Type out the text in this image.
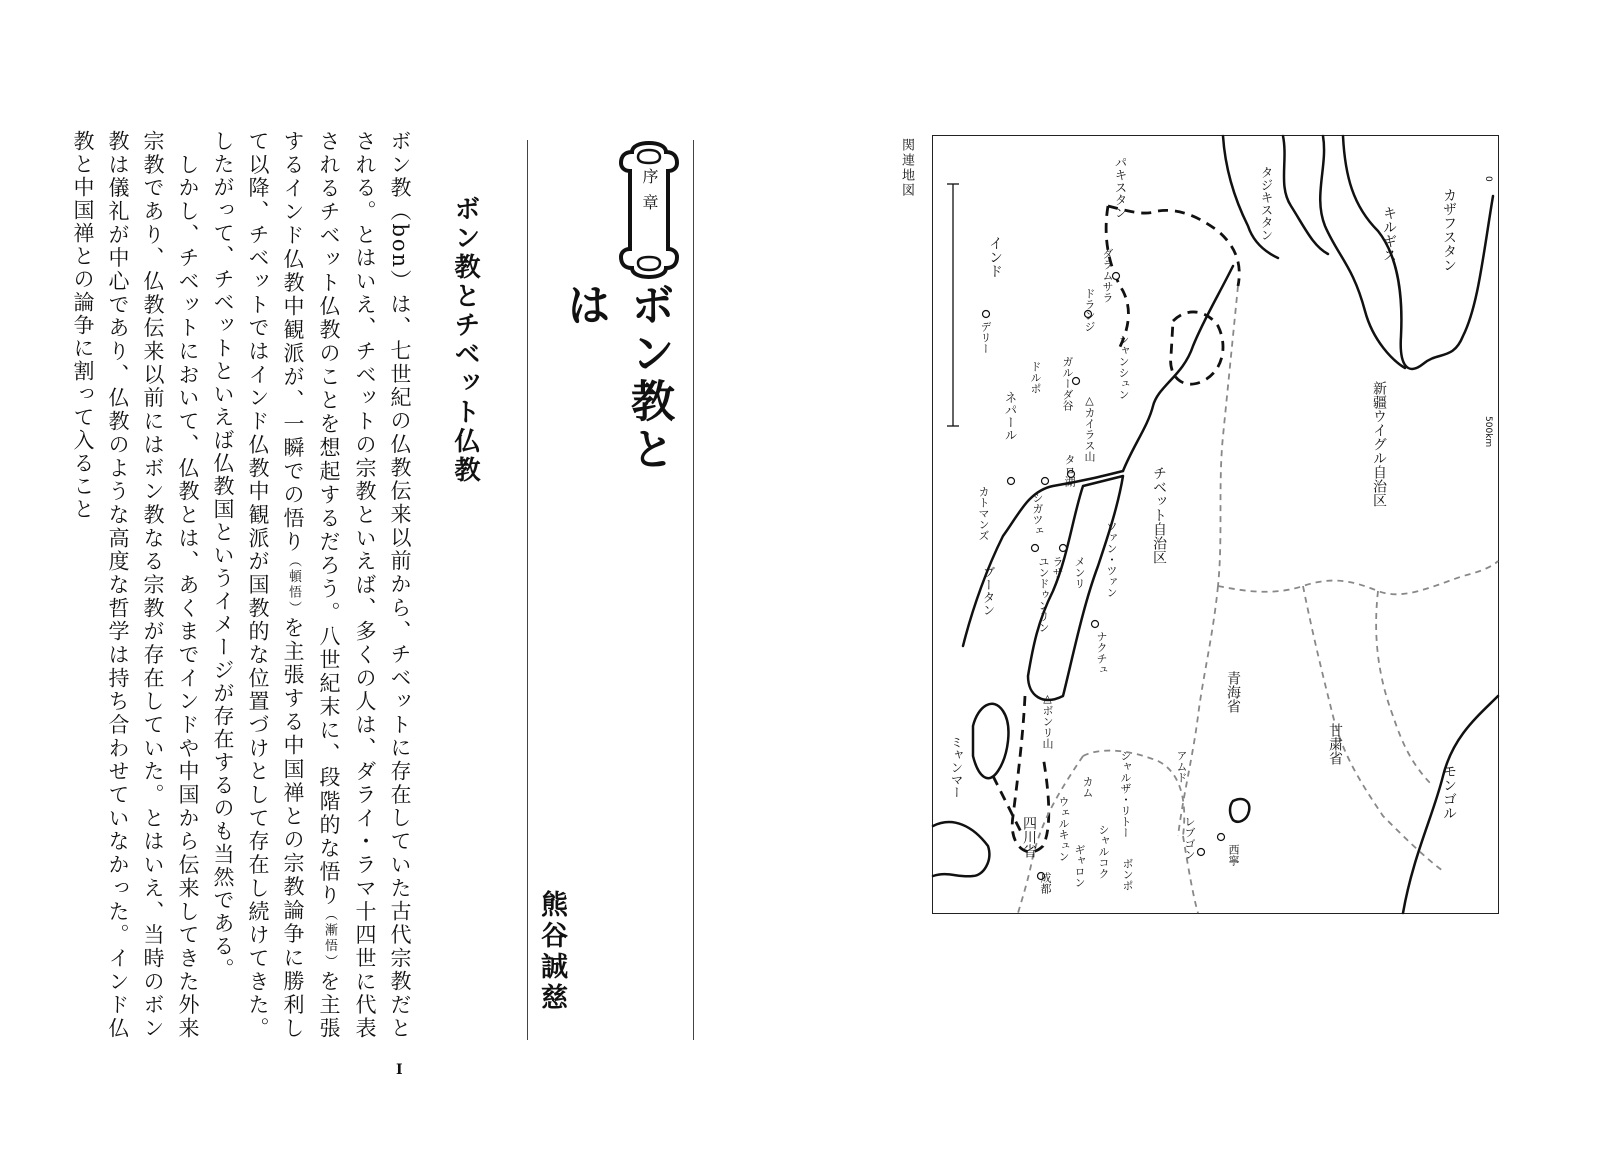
ボン教（bon）は、七世紀の仏教伝来以前から、チベットに存在していた古代宗教だとされる。とはいえ、チベットの宗教といえば、多くの人は、ダライ・ラマ十四世に代表されるチベット仏教のことを想起するだろう。八世紀末に、段階的な悟り（漸悟）を主張するインド仏教中観派が、一瞬での悟り（頓悟）を主張する中国禅との宗教論争に勝利して以降、チベットではインド仏教中観派が国教的な位置づけとして存在し続けてきた。したがって、チベットといえば仏教国というイメージが存在するのも当然である。

　しかし、チベットにおいて、仏教とは、あくまでインドや中国から伝来してきた外来宗教であり、仏教伝来以前にはボン教なる宗教が存在していた。とはいえ、当時のボン教は儀礼が中心であり、仏教のような高度な哲学は持ち合わせていなかった。インド仏教と中国禅との論争に割って入ること	ボン教とチベット仏教
熊谷誠慈
序章
ボン教とは
I
関連地図	0
500km
カザフスタン
キルギス
タジキスタン
パキスタン
インド
新疆ウイグル自治区
チベット自治区
青海省
甘粛省
モンゴル
四川省
ネパール
ブータン
ミャンマー
ダラムサラ
ドランジ
デリー	シャンシュン
ガルーダ谷
ドルポ
△カイラス山
タロ湖
シガツェ
カトマンズ
ツァン・ツァン
メンリ
ユンドゥンリン ラサ
ナクチュ
△ボンリ山
アムド
シャルザ・リトー
カム
ウェルキュン	西寧
レブゴン
シャルコク
ギャロン
成都	ボンポ
